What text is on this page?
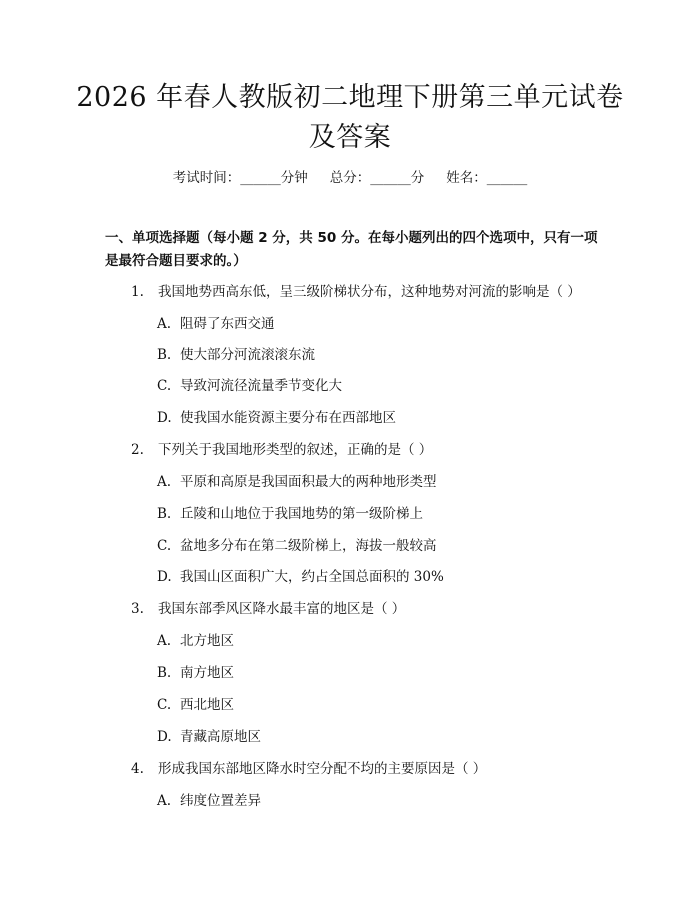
2026 年春人教版初二地理下册第三单元试卷
及答案
考试时间：______分钟 总分：______分 姓名：______
一、单项选择题（每小题 2 分，共 50 分。在每小题列出的四个选项中，只有一项
是最符合题目要求的。）
1.	我国地势西高东低，呈三级阶梯状分布，这种地势对河流的影响是（ ）
A. 阻碍了东西交通
B. 使大部分河流滚滚东流
C. 导致河流径流量季节变化大
D. 使我国水能资源主要分布在西部地区
2.	下列关于我国地形类型的叙述，正确的是（ ）
A. 平原和高原是我国面积最大的两种地形类型
B. 丘陵和山地位于我国地势的第一级阶梯上
C. 盆地多分布在第二级阶梯上，海拔一般较高
D. 我国山区面积广大，约占全国总面积的 30%
3.	我国东部季风区降水最丰富的地区是（ ）
A. 北方地区
B. 南方地区
C. 西北地区
D. 青藏高原地区
4.	形成我国东部地区降水时空分配不均的主要原因是（ ）
A. 纬度位置差异
